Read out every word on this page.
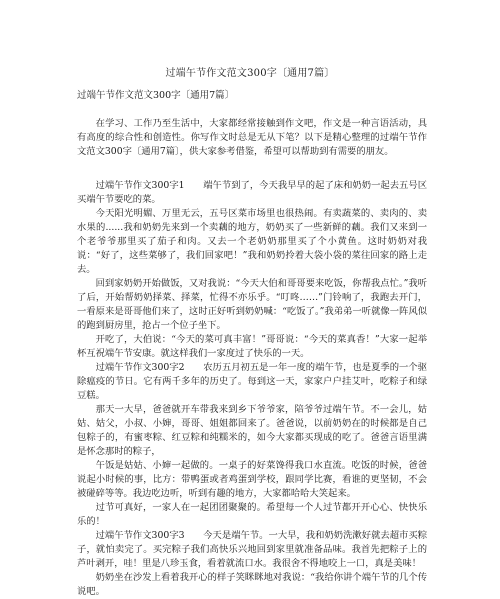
过端午节作文范文300字〔通用7篇〕
过端午节作文范文300字〔通用7篇〕

在学习、工作乃至生活中，大家都经常接触到作文吧，作文是一种言语活动，具有高度的综合性和创造性。你写作文时总是无从下笔？以下是精心整理的过端午节作文范文300字〔通用7篇〕，供大家参考借鉴，希望可以帮助到有需要的朋友。

过端午节作文300字1　　端午节到了，今天我早早的起了床和奶奶一起去五号区买端午节要吃的菜。

今天阳光明媚、万里无云，五号区菜市场里也很热闹。有卖蔬菜的、卖肉的、卖水果的......我和奶奶先来到一个卖藕的地方，奶奶买了一些新鲜的藕。我们又来到一个老爷爷那里买了茄子和肉。又去一个老奶奶那里买了个小黄鱼。这时奶奶对我说：“好了，这些菜够了，我们回家吧！”我和奶奶拎着大袋小袋的菜往回家的路上走去。

回到家奶奶开始做饭，又对我说：“今天大伯和哥哥要来吃饭，你帮我点忙。”我听了后，开始帮奶奶择菜、择菜，忙得不亦乐乎。“叮咚……”门铃响了，我跑去开门，一看原来是哥哥他们来了，这时正好听到奶奶喊：“吃饭了。”我弟弟一听就像一阵风似的跑到厨房里，抢占一个位子坐下。

开吃了，大伯说：“今天的菜可真丰富！”哥哥说：“今天的菜真香！”大家一起举杯互祝端午节安康。就这样我们一家度过了快乐的一天。

过端午节作文300字2　　农历五月初五是一年一度的端午节，也是夏季的一个驱除瘟疫的节日。它有两千多年的历史了。每到这一天，家家户户挂艾叶，吃粽子和绿豆糕。

那天一大早，爸爸就开车带我来到乡下爷爷家，陪爷爷过端午节。不一会儿，姑姑、姑父，小叔、小婶，哥哥、姐姐都回来了。爸爸说，以前奶奶在的时候都是自己包粽子的，有蜜枣粽、红豆粽和纯糯米的，如今大家都买现成的吃了。爸爸言语里满是怀念那时的粽子，

午饭是姑姑、小婶一起做的。一桌子的好菜馋得我口水直流。吃饭的时候，爸爸说起小时候的事，比方：带鸭蛋或者鸡蛋到学校，跟同学比赛，看谁的更坚韧，不会被碰碎等等。我边吃边听，听到有趣的地方，大家都哈哈大笑起来。

过节可真好，一家人在一起团团聚聚的。希望每一个人过节都开开心心、快快乐乐的！

过端午节作文300字3　　今天是端午节。一大早，我和奶奶洗漱好就去超市买粽子，就怕卖完了。买完粽子我们高快乐兴地回到家里就准备品味。我首先把粽子上的芦叶剥开，哇！里是八珍玉食，看着就流口水。我很舍不得地咬上一口，真是美味！

奶奶坐在沙发上看着我开心的样子笑眯眯地对我说：“我给你讲个端午节的几个传说吧。
